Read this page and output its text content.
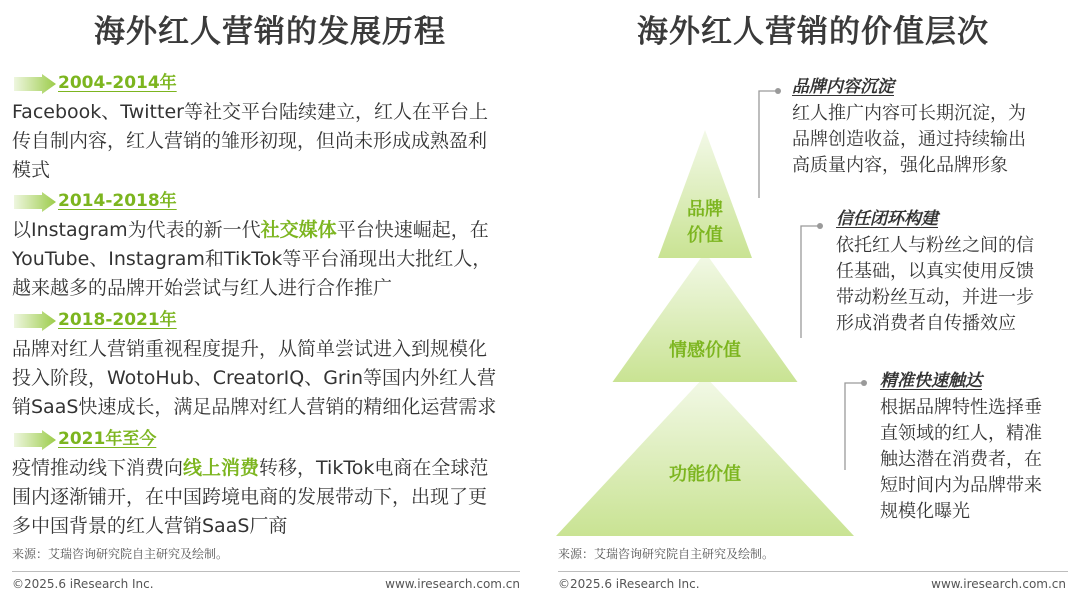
海外红人营销的发展历程
2004-2014年
Facebook、Twitter等社交平台陆续建立，红人在平台上
传自制内容，红人营销的雏形初现，但尚未形成成熟盈利
模式
2014-2018年
以Instagram为代表的新一代社交媒体平台快速崛起，在
YouTube、Instagram和TikTok等平台涌现出大批红人，
越来越多的品牌开始尝试与红人进行合作推广
2018-2021年
品牌对红人营销重视程度提升，从简单尝试进入到规模化
投入阶段，WotoHub、CreatorIQ、Grin等国内外红人营
销SaaS快速成长，满足品牌对红人营销的精细化运营需求
2021年至今
疫情推动线下消费向线上消费转移，TikTok电商在全球范
围内逐渐铺开，在中国跨境电商的发展带动下，出现了更
多中国背景的红人营销SaaS厂商
来源：艾瑞咨询研究院自主研究及绘制。
©2025.6 iResearch Inc.	www.iresearch.com.cn
海外红人营销的价值层次
品牌
价值
情感价值
功能价值
品牌内容沉淀
红人推广内容可长期沉淀，为
品牌创造收益，通过持续输出
高质量内容，强化品牌形象
信任闭环构建
依托红人与粉丝之间的信
任基础，以真实使用反馈
带动粉丝互动，并进一步
形成消费者自传播效应
精准快速触达
根据品牌特性选择垂
直领域的红人，精准
触达潜在消费者，在
短时间内为品牌带来
规模化曝光
来源：艾瑞咨询研究院自主研究及绘制。
©2025.6 iResearch Inc.	www.iresearch.com.cn
